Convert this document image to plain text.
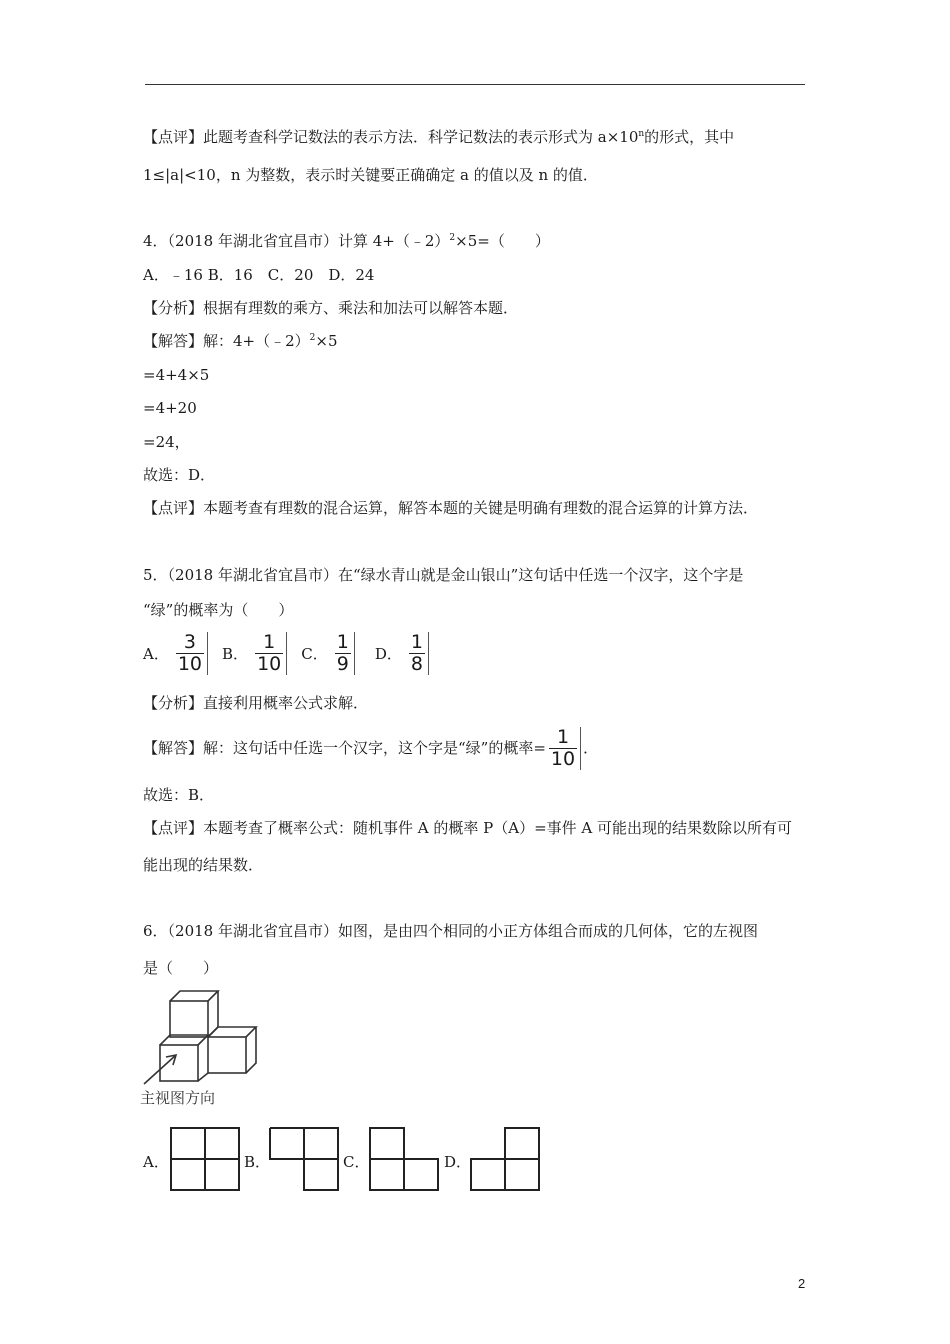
【点评】此题考查科学记数法的表示方法．科学记数法的表示形式为 $a\times 10^n$的形式，其中
1≤|a|<10，n 为整数，表示时关键要正确确定 a 的值以及 n 的值．
4．（2018 年湖北省宜昌市）计算 4+（﹣2）$^2$×5=（　　）
A．﹣16 B．16　C．20　D．24
【分析】根据有理数的乘方、乘法和加法可以解答本题．
【解答】解：4+（﹣2）$^2$×5
=4+4×5
=4+20
=24，
故选：D．
【点评】本题考查有理数的混合运算，解答本题的关键是明确有理数的混合运算的计算方法．
5．（2018 年湖北省宜昌市）在“绿水青山就是金山银山”这句话中任选一个汉字，这个字是
“绿”的概率为（　　）
A． $\frac{3}{10}$ B． $\frac{1}{10}$ C． $\frac{1}{9}$ D． $\frac{1}{8}$
【分析】直接利用概率公式求解．
【解答】解：这句话中任选一个汉字，这个字是“绿”的概率= $\frac{1}{10}$ ．
故选：B．
【点评】本题考查了概率公式：随机事件 A 的概率 P（A）=事件 A 可能出现的结果数除以所有可
能出现的结果数．
6．（2018 年湖北省宜昌市）如图，是由四个相同的小正方体组合而成的几何体，它的左视图
是（　　）
主视图方向
A．	B．	C．	D．
2
